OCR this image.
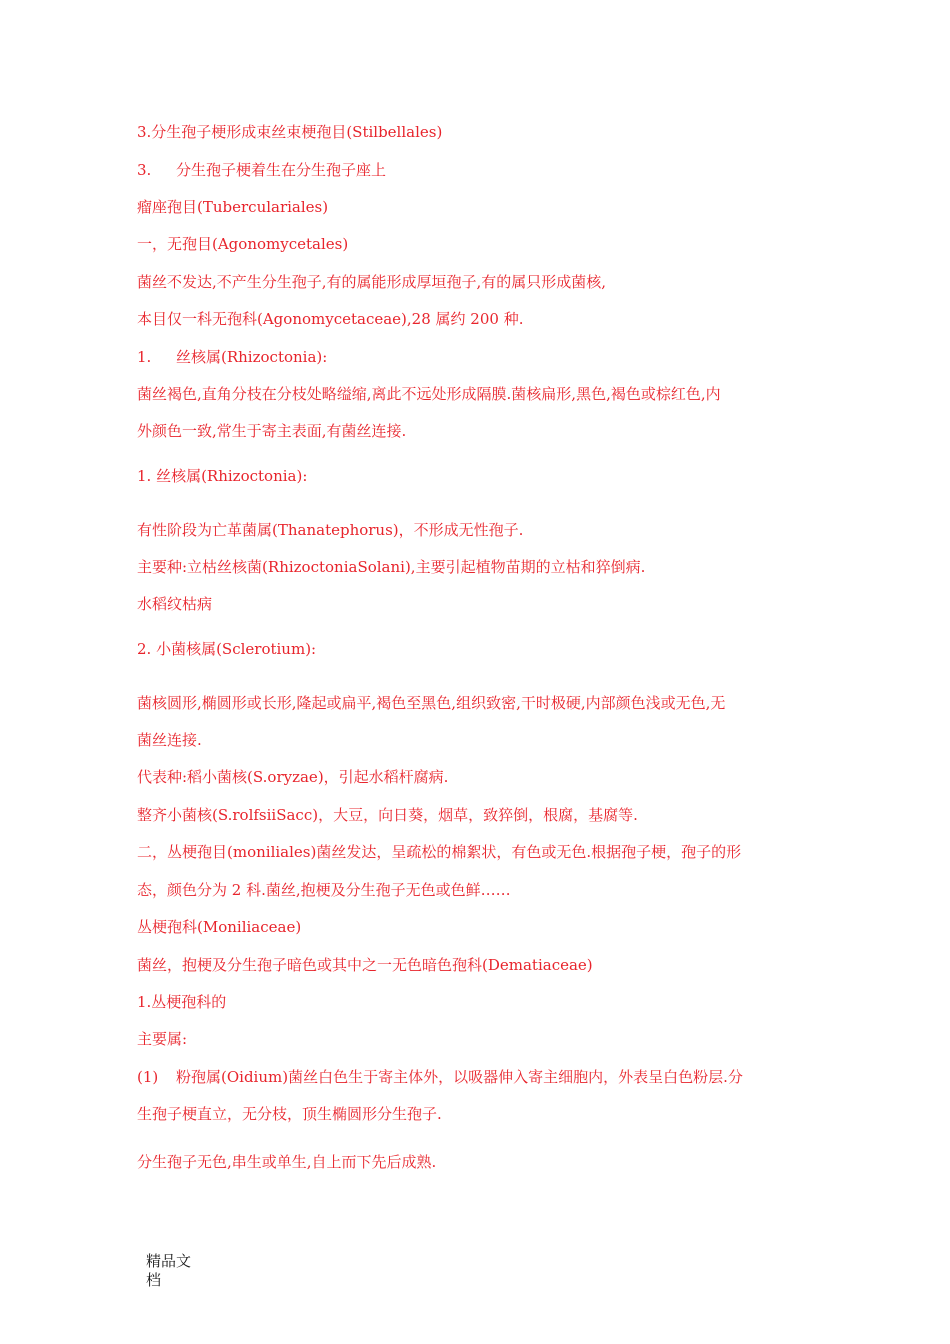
3.分生孢子梗形成束丝束梗孢目(Stilbellales)
3. 分生孢子梗着生在分生孢子座上
瘤座孢目(Tuberculariales)
一，无孢目(Agonomycetales)
菌丝不发达,不产生分生孢子,有的属能形成厚垣孢子,有的属只形成菌核,
本目仅一科无孢科(Agonomycetaceae),28 属约 200 种.
1. 丝核属(Rhizoctonia):
菌丝褐色,直角分枝在分枝处略缢缩,离此不远处形成隔膜.菌核扁形,黑色,褐色或棕红色,内
外颜色一致,常生于寄主表面,有菌丝连接.
1. 丝核属(Rhizoctonia):
有性阶段为亡革菌属(Thanatephorus)，不形成无性孢子.
主要种:立枯丝核菌(RhizoctoniaSolani),主要引起植物苗期的立枯和猝倒病.
水稻纹枯病
2. 小菌核属(Sclerotium):
菌核圆形,椭圆形或长形,隆起或扁平,褐色至黑色,组织致密,干时极硬,内部颜色浅或无色,无
菌丝连接.
代表种:稻小菌核(S.oryzae)，引起水稻杆腐病.
整齐小菌核(S.rolfsiiSacc)，大豆，向日葵，烟草，致猝倒，根腐，基腐等.
二，丛梗孢目(moniliales)菌丝发达，呈疏松的棉絮状，有色或无色.根据孢子梗，孢子的形
态，颜色分为 2 科.菌丝,抱梗及分生孢子无色或色鲜……
丛梗孢科(Moniliaceae)
菌丝，抱梗及分生孢子暗色或其中之一无色暗色孢科(Dematiaceae)
1.丛梗孢科的
主要属:
(1) 粉孢属(Oidium)菌丝白色生于寄主体外，以吸器伸入寄主细胞内，外表呈白色粉层.分
生孢子梗直立，无分枝，顶生椭圆形分生孢子.
分生孢子无色,串生或单生,自上而下先后成熟.
精品文
档
